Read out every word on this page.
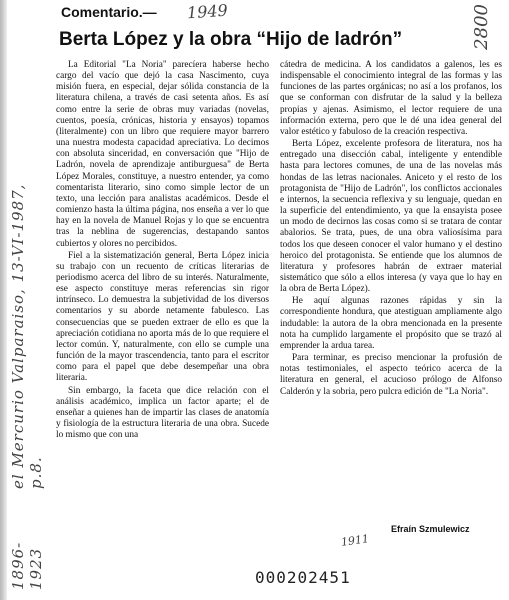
Comentario.— 1949	2800
1896-1923
el Mercurio Valparaiso, 13-VI-1987, p.8.
Berta López y la obra “Hijo de ladrón”

La Editorial "La Noria" parecíera haberse hecho cargo del vacío que dejó la casa Nascimento, cuya misión fuera, en especial, dejar sólida constancia de la literatura chilena, a través de casi setenta años. Es así como entre la serie de obras muy variadas (novelas, cuentos, poesía, crónicas, historia y ensayos) topamos (literalmente) con un libro que requiere mayor barrero una nuestra modesta capacidad apreciativa. Lo decimos con absoluta sinceridad, en conversación que "Hijo de Ladrón, novela de aprendizaje antiburguesa" de Berta López Morales, constituye, a nuestro entender, ya como comentarista literario, sino como simple lector de un texto, una lección para analistas académicos. Desde el comienzo hasta la última página, nos enseña a ver lo que hay en la novela de Manuel Rojas y lo que se encuentra tras la neblina de sugerencias, destapando santos cubiertos y olores no percibidos.

Fiel a la sistematización general, Berta López inicia su trabajo con un recuento de críticas literarias de periodismo acerca del libro de su interés. Naturalmente, ese aspecto constituye meras referencias sin rigor intrínseco. Lo demuestra la subjetividad de los diversos comentarios y su aborde netamente fabulesco. Las consecuencias que se pueden extraer de ello es que la apreciación cotidiana no aporta más de lo que requiere el lector común. Y, naturalmente, con ello se cumple una función de la mayor trascendencia, tanto para el escritor como para el papel que debe desempeñar una obra literaria.

Sin embargo, la faceta que dice relación con el análisis académico, implica un factor aparte; el de enseñar a quienes han de impartir las clases de anatomía y fisiología de la estructura literaria de una obra. Sucede lo mismo que con una

cátedra de medicina. A los candidatos a galenos, les es indispensable el conocimiento integral de las formas y las funciones de las partes orgánicas; no así a los profanos, los que se conforman con disfrutar de la salud y la belleza propias y ajenas. Asimismo, el lector requiere de una información externa, pero que le dé una idea general del valor estético y fabuloso de la creación respectiva.

Berta López, excelente profesora de literatura, nos ha entregado una disección cabal, inteligente y entendible hasta para lectores comunes, de una de las novelas más hondas de las letras nacionales. Aniceto y el resto de los protagonista de "Hijo de Ladrón", los conflictos accionales e internos, la secuencia reflexiva y su lenguaje, quedan en la superficie del entendimiento, ya que la ensayista posee un modo de decirnos las cosas como si se tratara de contar abalorios. Se trata, pues, de una obra valiosísima para todos los que deseen conocer el valor humano y el destino heroico del protagonista. Se entiende que los alumnos de literatura y profesores habrán de extraer material sistemático que sólo a ellos interesa (y vaya que lo hay en la obra de Berta López).

He aquí algunas razones rápidas y sin la correspondiente hondura, que atestiguan ampliamente algo indudable: la autora de la obra mencionada en la presente nota ha cumplido largamente el propósito que se trazó al emprender la ardua tarea.

Para terminar, es preciso mencionar la profusión de notas testimoniales, el aspecto teórico acerca de la literatura en general, el acucioso prólogo de Alfonso Calderón y la sobria, pero pulcra edición de "La Noria".

1911
Efraín Szmulewicz
000202451
